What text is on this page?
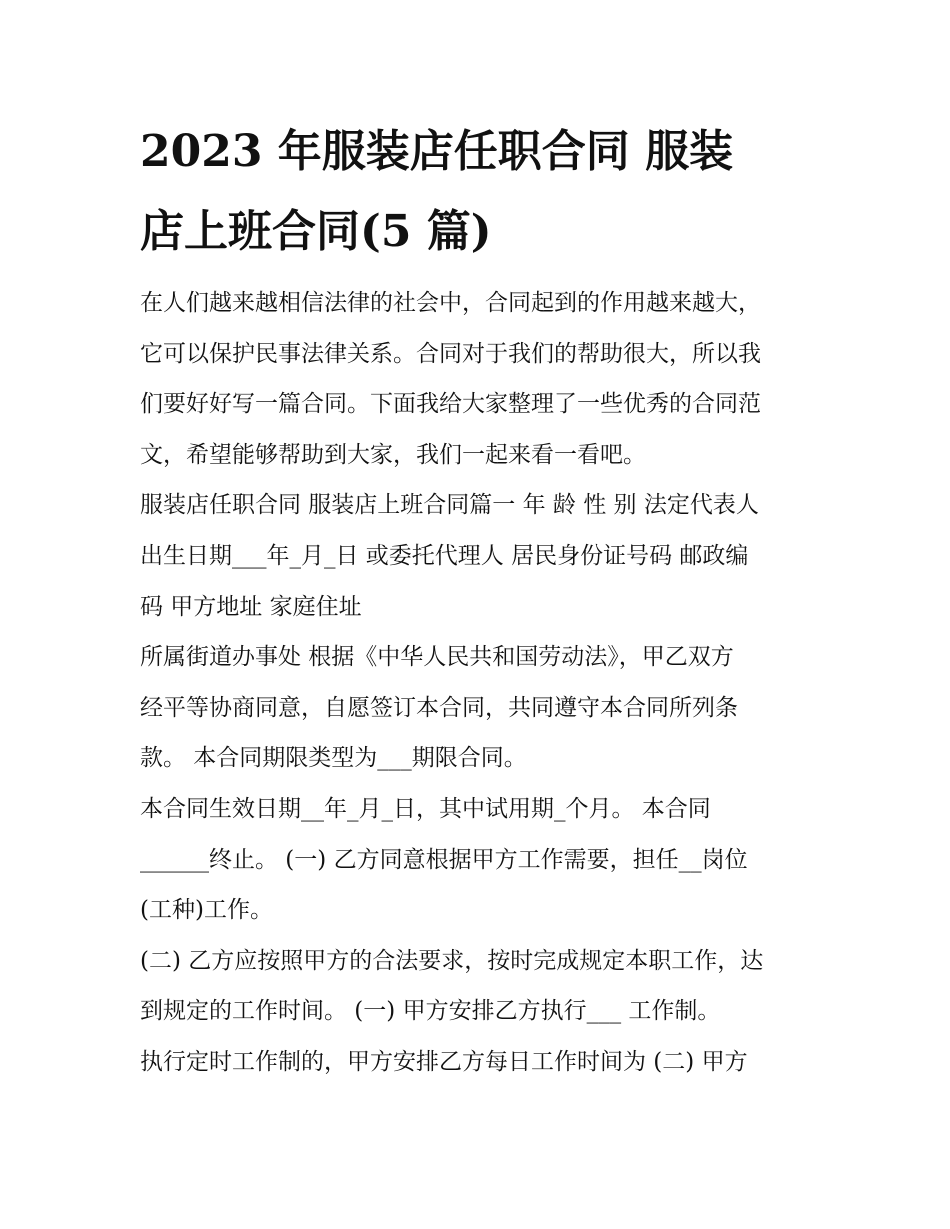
2023 年服装店任职合同 服装
店上班合同(5 篇)

在人们越来越相信法律的社会中，合同起到的作用越来越大，
它可以保护民事法律关系。合同对于我们的帮助很大，所以我
们要好好写一篇合同。下面我给大家整理了一些优秀的合同范
文，希望能够帮助到大家，我们一起来看一看吧。

服装店任职合同 服装店上班合同篇一 年 龄 性 别 法定代表人
出生日期___年_月_日 或委托代理人 居民身份证号码 邮政编
码 甲方地址 家庭住址

所属街道办事处 根据《中华人民共和国劳动法》，甲乙双方
经平等协商同意，自愿签订本合同，共同遵守本合同所列条
款。 本合同期限类型为___期限合同。

本合同生效日期__年_月_日，其中试用期_个月。 本合同
______终止。 (一) 乙方同意根据甲方工作需要，担任__岗位
(工种)工作。

(二) 乙方应按照甲方的合法要求，按时完成规定本职工作，达
到规定的工作时间。 (一) 甲方安排乙方执行___ 工作制。

执行定时工作制的，甲方安排乙方每日工作时间为 (二) 甲方
